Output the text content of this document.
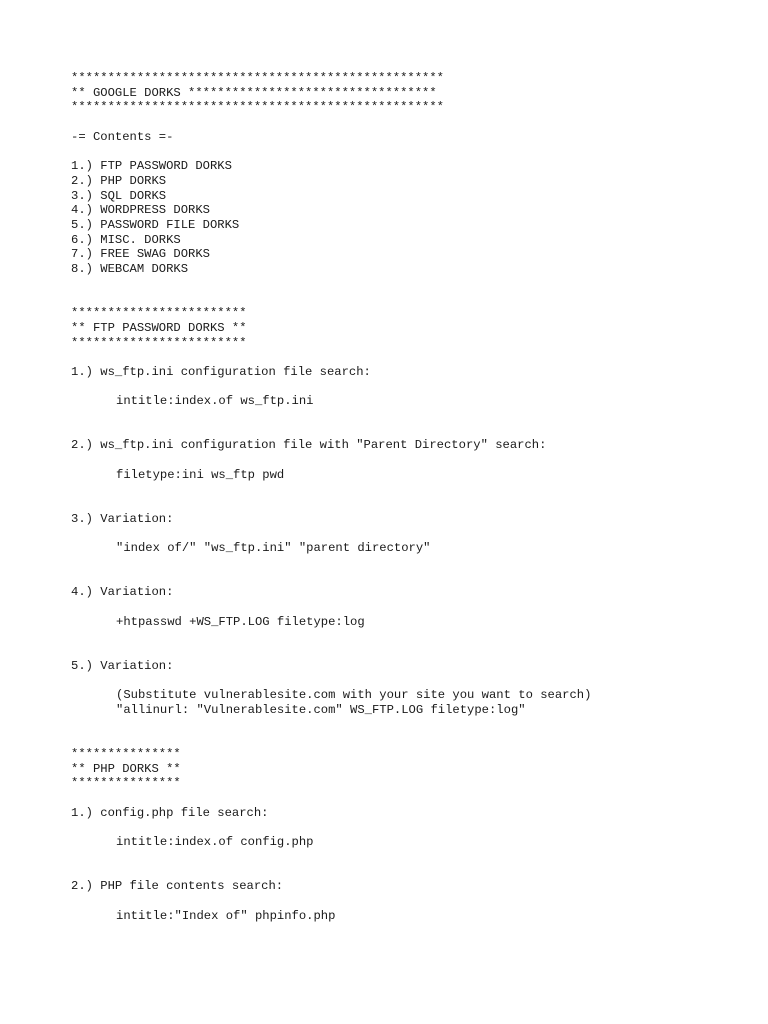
***************************************************
** GOOGLE DORKS **********************************
***************************************************
-= Contents =-
1.) FTP PASSWORD DORKS
2.) PHP DORKS
3.) SQL DORKS
4.) WORDPRESS DORKS
5.) PASSWORD FILE DORKS
6.) MISC. DORKS
7.) FREE SWAG DORKS
8.) WEBCAM DORKS
************************
** FTP PASSWORD DORKS **
************************
1.) ws_ftp.ini configuration file search:
intitle:index.of ws_ftp.ini
2.) ws_ftp.ini configuration file with "Parent Directory" search:
filetype:ini ws_ftp pwd
3.) Variation:
"index of/" "ws_ftp.ini" "parent directory"
4.) Variation:
+htpasswd +WS_FTP.LOG filetype:log
5.) Variation:
(Substitute vulnerablesite.com with your site you want to search)
"allinurl: "Vulnerablesite.com" WS_FTP.LOG filetype:log"
***************
** PHP DORKS **
***************
1.) config.php file search:
intitle:index.of config.php
2.) PHP file contents search:
intitle:"Index of" phpinfo.php
